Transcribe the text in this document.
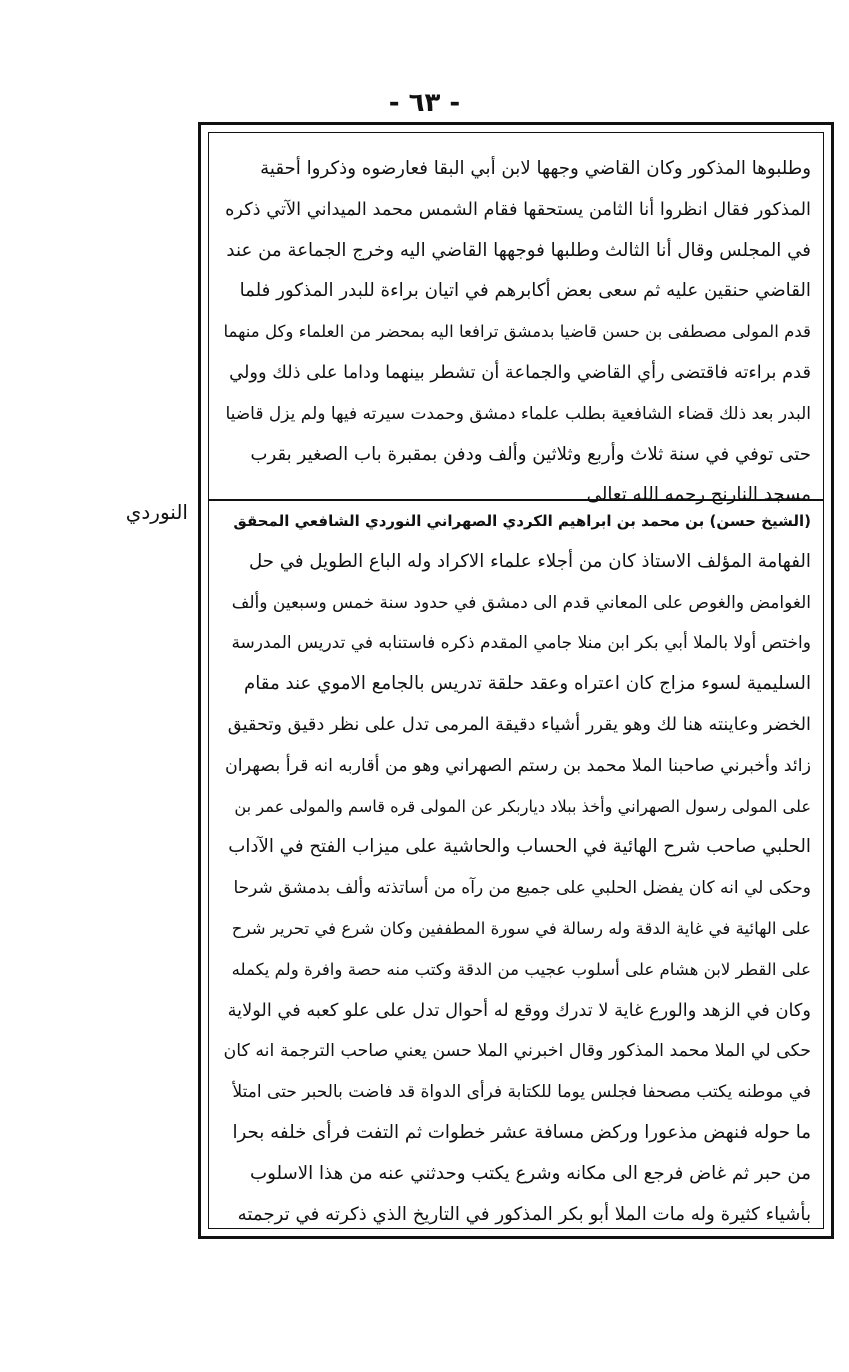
- ٦٣ -
النوردي
وطلبوها المذكور وكان القاضي وجهها لابن أبي البقا فعارضوه وذكروا أحقية
المذكور فقال انظروا أنا الثامن يستحقها فقام الشمس محمد الميداني الآتي ذكره
في المجلس وقال أنا الثالث وطلبها فوجهها القاضي اليه وخرج الجماعة من عند
القاضي حنقين عليه ثم سعى بعض أكابرهم في اتيان براءة للبدر المذكور فلما
قدم المولى مصطفى بن حسن قاضيا بدمشق ترافعا اليه بمحضر من العلماء وكل منهما
قدم براءته فاقتضى رأي القاضي والجماعة أن تشطر بينهما وداما على ذلك وولي
البدر بعد ذلك قضاء الشافعية بطلب علماء دمشق وحمدت سيرته فيها ولم يزل قاضيا
حتى توفي في سنة ثلاث وأربع وثلاثين وألف ودفن بمقبرة باب الصغير بقرب
مسجد النارنج رحمه الله تعالى
(الشيخ حسن) بن محمد بن ابراهيم الكردي الصهراني النوردي الشافعي المحقق
الفهامة المؤلف الاستاذ كان من أجلاء علماء الاكراد وله الباع الطويل في حل
الغوامض والغوص على المعاني قدم الى دمشق في حدود سنة خمس وسبعين وألف
واختص أولا بالملا أبي بكر ابن منلا جامي المقدم ذكره فاستنابه في تدريس المدرسة
السليمية لسوء مزاج كان اعتراه وعقد حلقة تدريس بالجامع الاموي عند مقام
الخضر وعاينته هنا لك وهو يقرر أشياء دقيقة المرمى تدل على نظر دقيق وتحقيق
زائد وأخبرني صاحبنا الملا محمد بن رستم الصهراني وهو من أقاربه انه قرأ بصهران
على المولى رسول الصهراني وأخذ ببلاد دياربكر عن المولى قره قاسم والمولى عمر بن
الحلبي صاحب شرح الهائية في الحساب والحاشية على ميزاب الفتح في الآداب
وحكى لي انه كان يفضل الحلبي على جميع من رآه من أساتذته وألف بدمشق شرحا
على الهائية في غاية الدقة وله رسالة في سورة المطففين وكان شرع في تحرير شرح
على القطر لابن هشام على أسلوب عجيب من الدقة وكتب منه حصة وافرة ولم يكمله
وكان في الزهد والورع غاية لا تدرك ووقع له أحوال تدل على علو كعبه في الولاية
حكى لي الملا محمد المذكور وقال اخبرني الملا حسن يعني صاحب الترجمة انه كان
في موطنه يكتب مصحفا فجلس يوما للكتابة فرأى الدواة قد فاضت بالحبر حتى امتلأ
ما حوله فنهض مذعورا وركض مسافة عشر خطوات ثم التفت فرأى خلفه بحرا
من حبر ثم غاض فرجع الى مكانه وشرع يكتب وحدثني عنه من هذا الاسلوب
بأشياء كثيرة وله مات الملا أبو بكر المذكور في التاريخ الذي ذكرته في ترجمته
